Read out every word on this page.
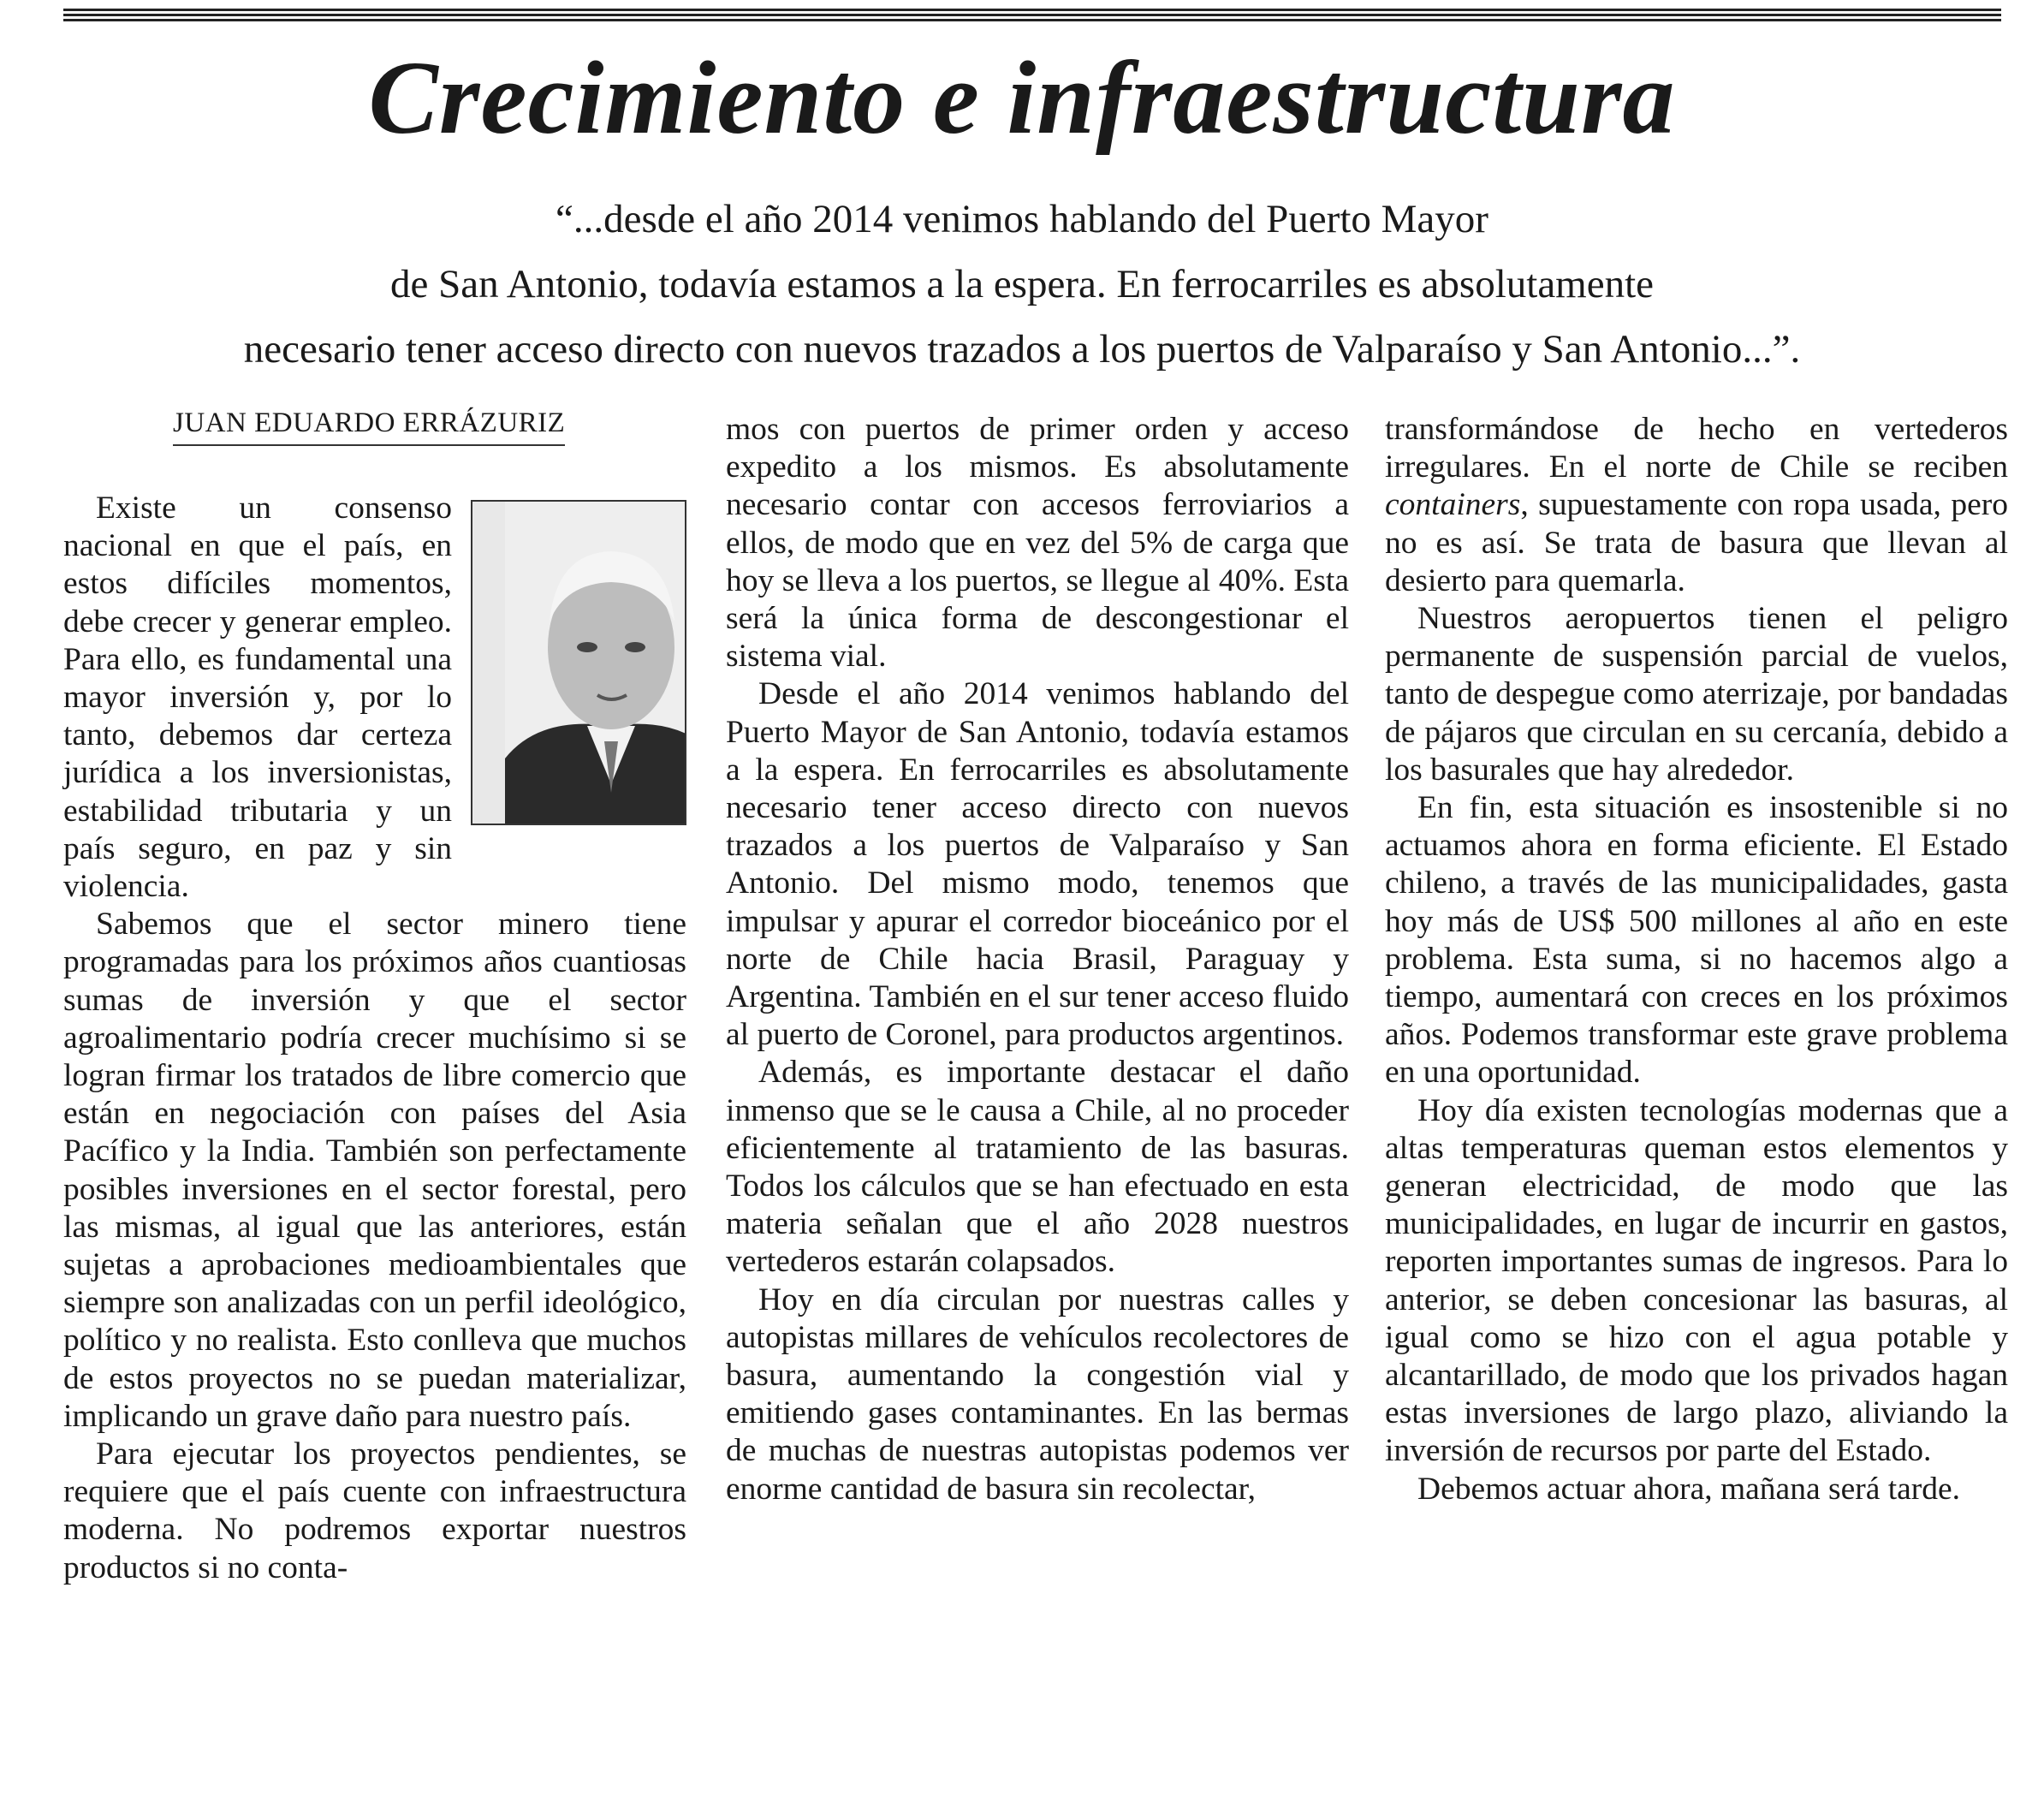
Crecimiento e infraestructura
“...desde el año 2014 venimos hablando del Puerto Mayor
de San Antonio, todavía estamos a la espera. En ferrocarriles es absolutamente
necesario tener acceso directo con nuevos trazados a los puertos de Valparaíso y San Antonio...”.
JUAN EDUARDO ERRÁZURIZ

Existe un consenso nacional en que el país, en estos difíciles momentos, debe crecer y generar empleo. Para ello, es fundamental una mayor inversión y, por lo tanto, debemos dar certeza jurídica a los inversionistas, estabilidad tributaria y un país seguro, en paz y sin violencia.

Sabemos que el sector minero tiene programadas para los próximos años cuantiosas sumas de inversión y que el sector agroalimentario podría crecer muchísimo si se logran firmar los tratados de libre comercio que están en negociación con países del Asia Pacífico y la India. También son perfectamente posibles inversiones en el sector forestal, pero las mismas, al igual que las anteriores, están sujetas a aprobaciones medioambientales que siempre son analizadas con un perfil ideológico, político y no realista. Esto conlleva que muchos de estos proyectos no se puedan materializar, implicando un grave daño para nuestro país.

Para ejecutar los proyectos pendientes, se requiere que el país cuente con infraestructura moderna. No podremos exportar nuestros productos si no conta-

mos con puertos de primer orden y acceso expedito a los mismos. Es absolutamente necesario contar con accesos ferroviarios a ellos, de modo que en vez del 5% de carga que hoy se lleva a los puertos, se llegue al 40%. Esta será la única forma de descongestionar el sistema vial.

Desde el año 2014 venimos hablando del Puerto Mayor de San Antonio, todavía estamos a la espera. En ferrocarriles es absolutamente necesario tener acceso directo con nuevos trazados a los puertos de Valparaíso y San Antonio. Del mismo modo, tenemos que impulsar y apurar el corredor bioceánico por el norte de Chile hacia Brasil, Paraguay y Argentina. También en el sur tener acceso fluido al puerto de Coronel, para productos argentinos.

Además, es importante destacar el daño inmenso que se le causa a Chile, al no proceder eficientemente al tratamiento de las basuras. Todos los cálculos que se han efectuado en esta materia señalan que el año 2028 nuestros vertederos estarán colapsados.

Hoy en día circulan por nuestras calles y autopistas millares de vehículos recolectores de basura, aumentando la congestión vial y emitiendo gases contaminantes. En las bermas de muchas de nuestras autopistas podemos ver enorme cantidad de basura sin recolectar,

transformándose de hecho en vertederos irregulares. En el norte de Chile se reciben containers, supuestamente con ropa usada, pero no es así. Se trata de basura que llevan al desierto para quemarla.

Nuestros aeropuertos tienen el peligro permanente de suspensión parcial de vuelos, tanto de despegue como aterrizaje, por bandadas de pájaros que circulan en su cercanía, debido a los basurales que hay alrededor.

En fin, esta situación es insostenible si no actuamos ahora en forma eficiente. El Estado chileno, a través de las municipalidades, gasta hoy más de US$ 500 millones al año en este problema. Esta suma, si no hacemos algo a tiempo, aumentará con creces en los próximos años. Podemos transformar este grave problema en una oportunidad.

Hoy día existen tecnologías modernas que a altas temperaturas queman estos elementos y generan electricidad, de modo que las municipalidades, en lugar de incurrir en gastos, reporten importantes sumas de ingresos. Para lo anterior, se deben concesionar las basuras, al igual como se hizo con el agua potable y alcantarillado, de modo que los privados hagan estas inversiones de largo plazo, aliviando la inversión de recursos por parte del Estado.

Debemos actuar ahora, mañana será tarde.
